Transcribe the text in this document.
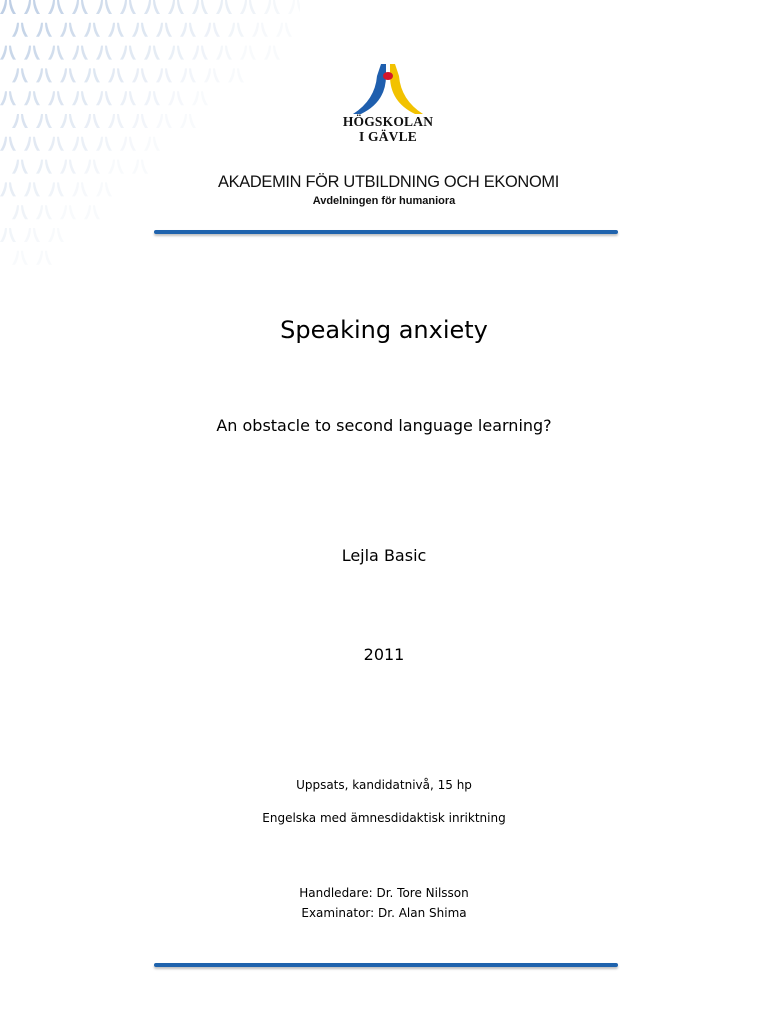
HÖGSKOLAN
I GÄVLE
AKADEMIN FÖR UTBILDNING OCH EKONOMI
Avdelningen för humaniora
Speaking anxiety
An obstacle to second language learning?
Lejla Basic
2011
Uppsats, kandidatnivå, 15 hp
Engelska med ämnesdidaktisk inriktning
Handledare: Dr. Tore Nilsson
Examinator: Dr. Alan Shima
